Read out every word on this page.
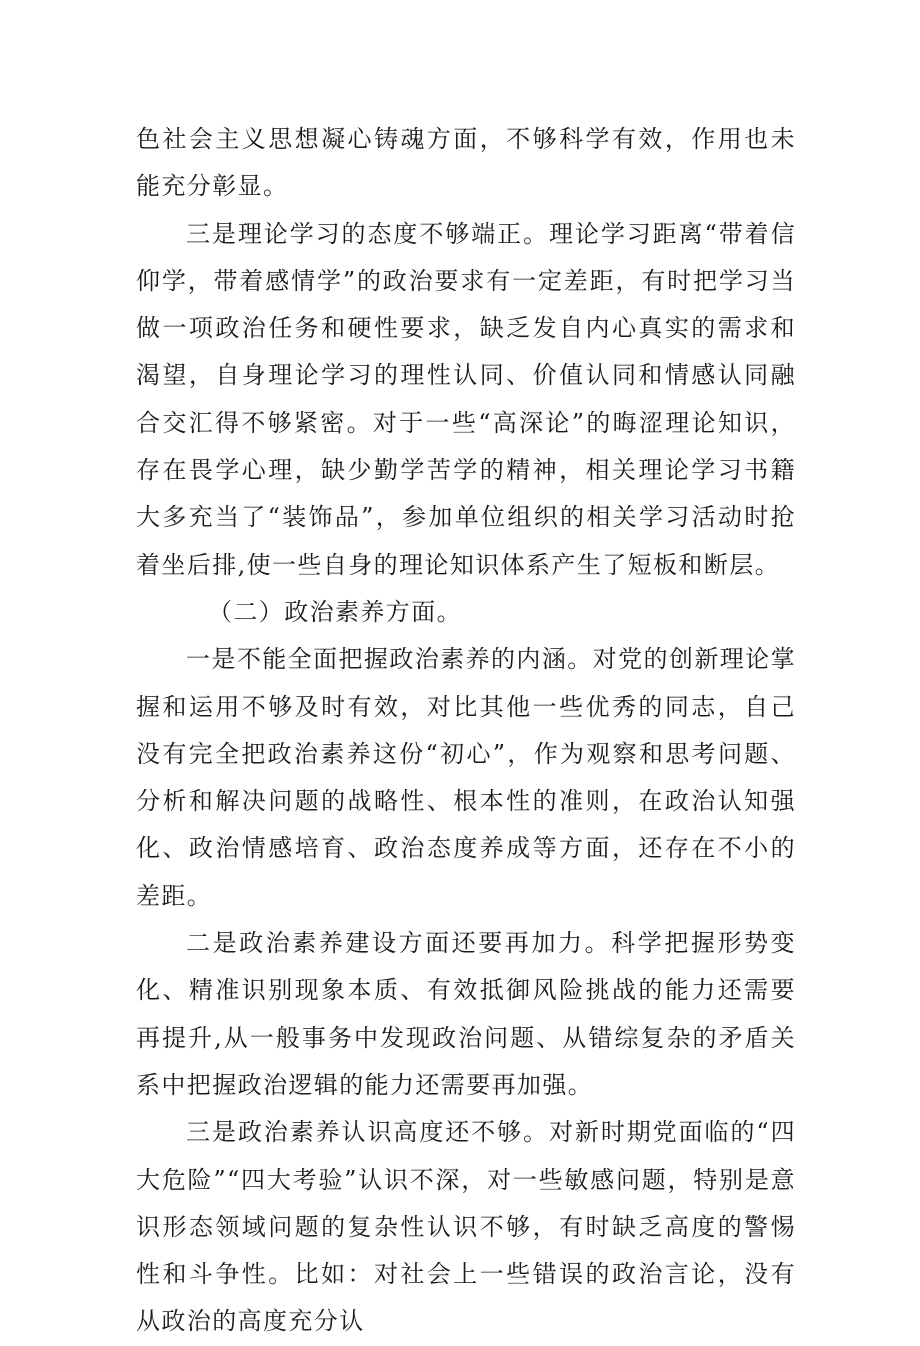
色社会主义思想凝心铸魂方面，不够科学有效，作用也未能充分彰显。

三是理论学习的态度不够端正。理论学习距离“带着信仰学，带着感情学”的政治要求有一定差距，有时把学习当做一项政治任务和硬性要求，缺乏发自内心真实的需求和渴望，自身理论学习的理性认同、价值认同和情感认同融合交汇得不够紧密。对于一些“高深论”的晦涩理论知识，存在畏学心理，缺少勤学苦学的精神，相关理论学习书籍大多充当了“装饰品”，参加单位组织的相关学习活动时抢着坐后排,使一些自身的理论知识体系产生了短板和断层。

（二）政治素养方面。

一是不能全面把握政治素养的内涵。对党的创新理论掌握和运用不够及时有效，对比其他一些优秀的同志，自己没有完全把政治素养这份“初心”，作为观察和思考问题、分析和解决问题的战略性、根本性的准则，在政治认知强化、政治情感培育、政治态度养成等方面，还存在不小的差距。

二是政治素养建设方面还要再加力。科学把握形势变化、精准识别现象本质、有效抵御风险挑战的能力还需要再提升,从一般事务中发现政治问题、从错综复杂的矛盾关系中把握政治逻辑的能力还需要再加强。

三是政治素养认识高度还不够。对新时期党面临的“四大危险”“四大考验”认识不深，对一些敏感问题，特别是意识形态领域问题的复杂性认识不够，有时缺乏高度的警惕性和斗争性。比如：对社会上一些错误的政治言论，没有从政治的高度充分认
